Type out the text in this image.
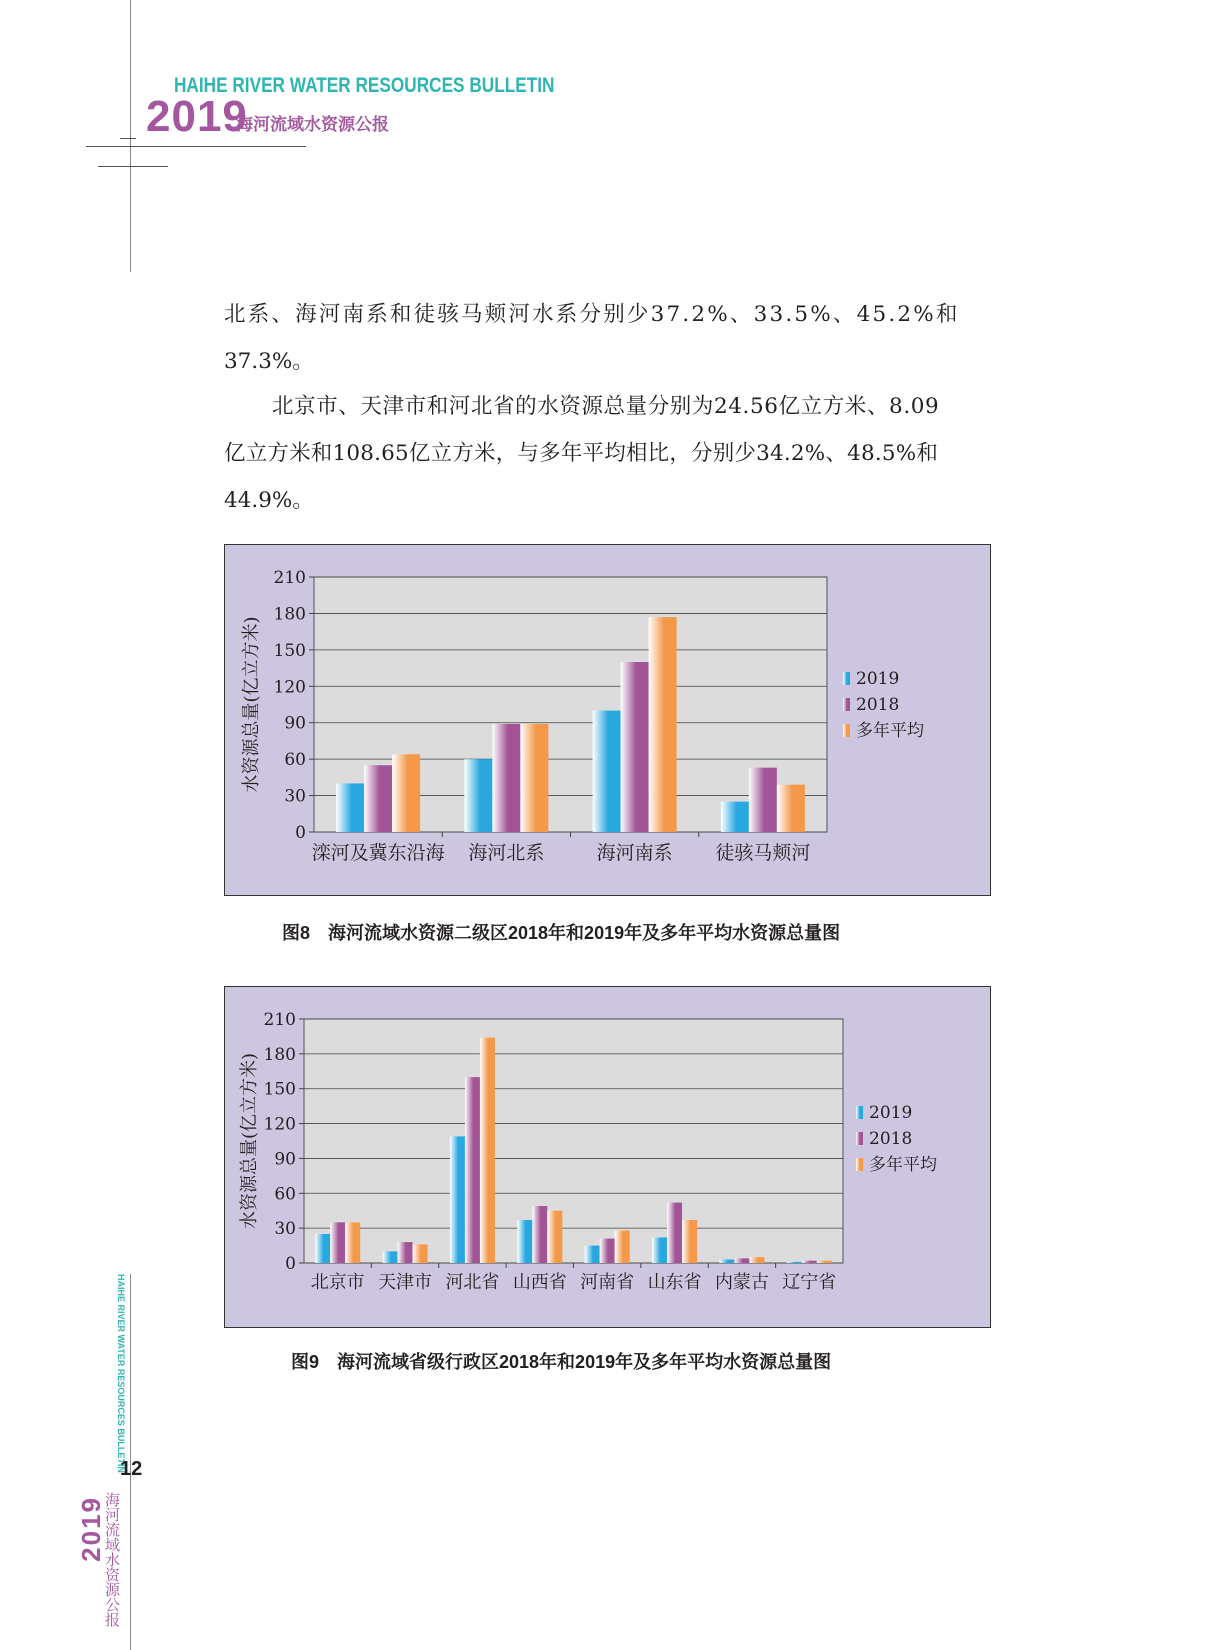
HAIHE RIVER WATER RESOURCES BULLETIN
2019
海河流域水资源公报
北系、海河南系和徒骇马颊河水系分别少37.2%、33.5%、45.2%和
37.3%。
北京市、天津市和河北省的水资源总量分别为24.56亿立方米、8.09
亿立方米和108.65亿立方米，与多年平均相比，分别少34.2%、48.5%和
44.9%。
0
30
60
90
120
150
180
210
滦河及冀东沿海 海河北系	海河南系 徒骇马颊河
水资源总量(亿立方米)	2019
2018
多年平均
图8　海河流域水资源二级区2018年和2019年及多年平均水资源总量图
0
30
60
90
120
150
180
210
北京市 天津市 河北省 山西省 河南省 山东省 内蒙古 辽宁省
水资源总量(亿立方米)	2019
2018
多年平均
图9　海河流域省级行政区2018年和2019年及多年平均水资源总量图
HAIHE RIVER WATER RESOURCES BULLETIN
12
2019
海河流域水资源公报
